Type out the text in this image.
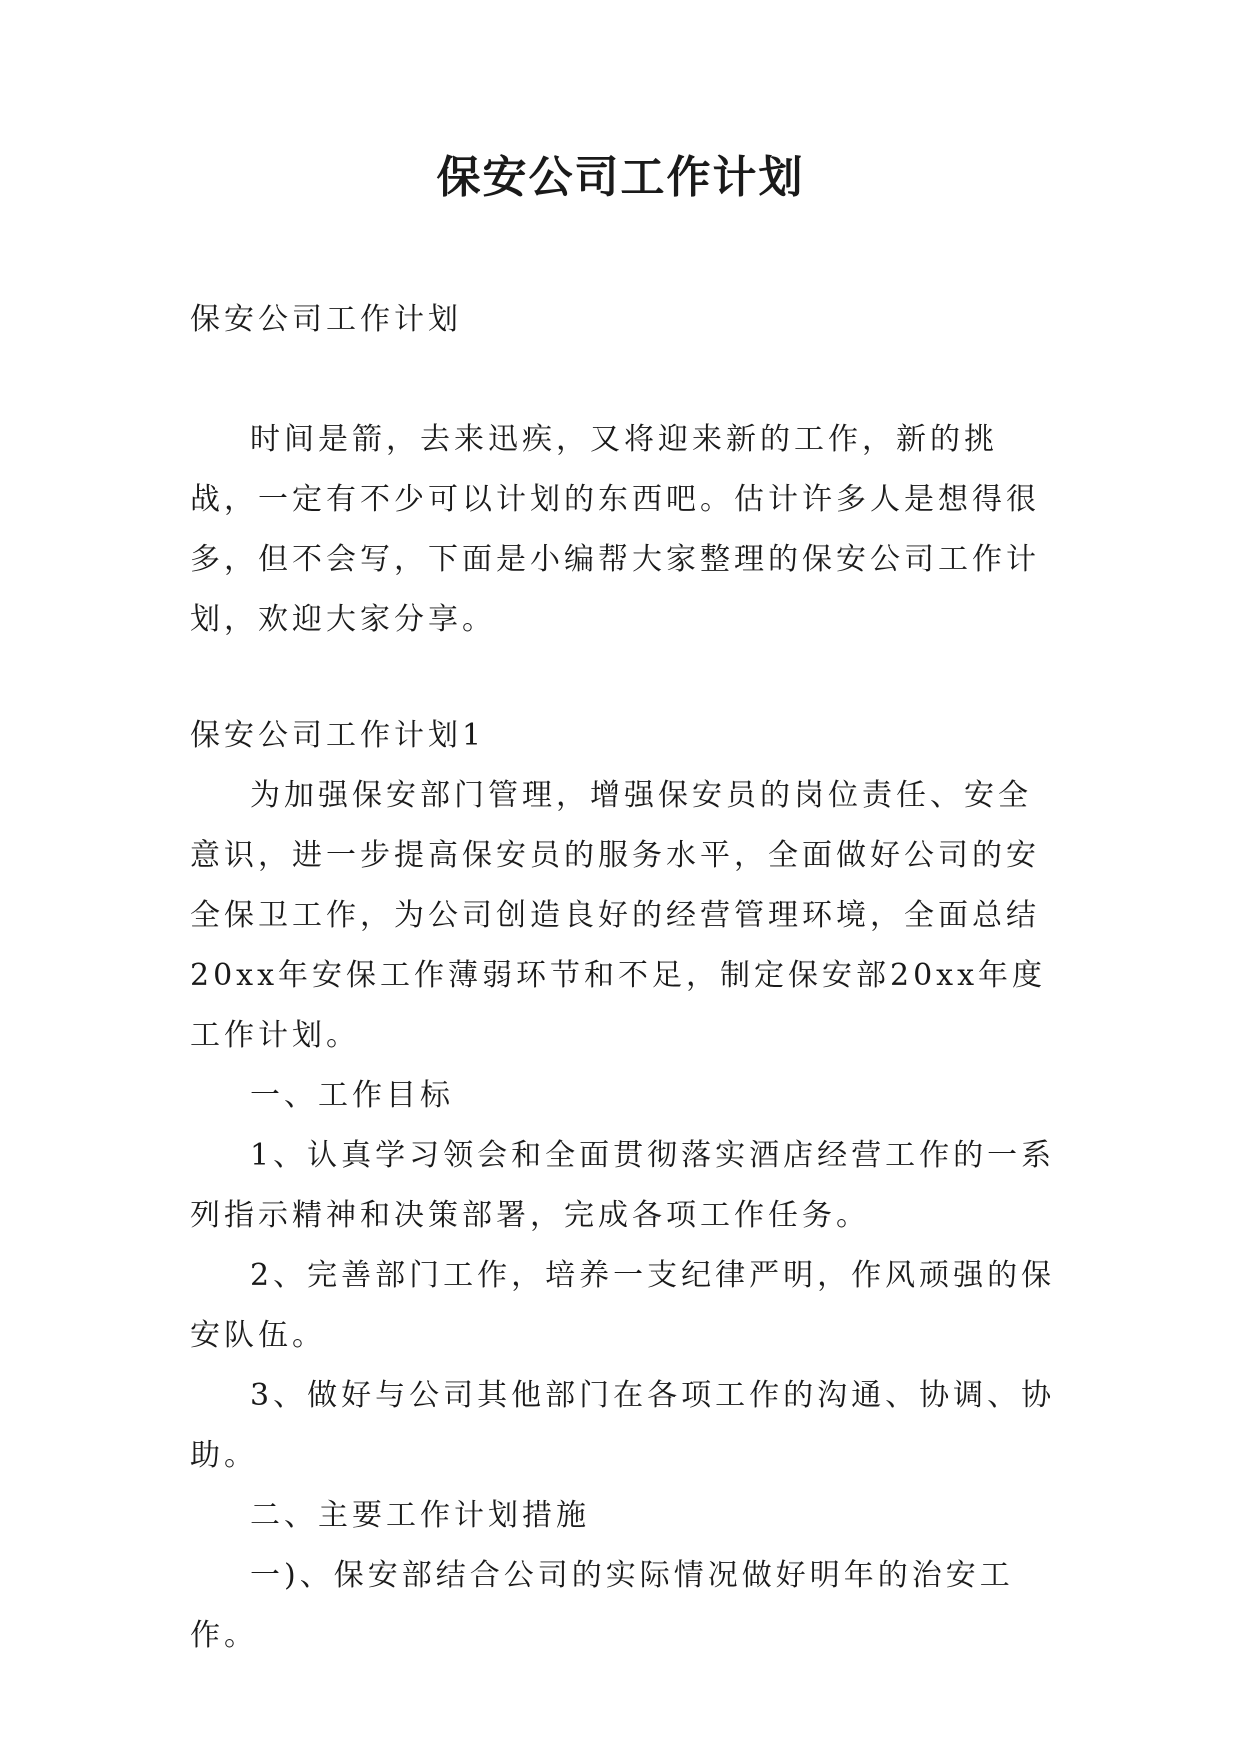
保安公司工作计划

保安公司工作计划

时间是箭，去来迅疾，又将迎来新的工作，新的挑战，一定有不少可以计划的东西吧。估计许多人是想得很多，但不会写，下面是小编帮大家整理的保安公司工作计划，欢迎大家分享。

保安公司工作计划1

为加强保安部门管理，增强保安员的岗位责任、安全意识，进一步提高保安员的服务水平，全面做好公司的安全保卫工作，为公司创造良好的经营管理环境，全面总结20xx年安保工作薄弱环节和不足，制定保安部20xx年度工作计划。

一、工作目标

1、认真学习领会和全面贯彻落实酒店经营工作的一系列指示精神和决策部署，完成各项工作任务。

2、完善部门工作，培养一支纪律严明，作风顽强的保安队伍。

3、做好与公司其他部门在各项工作的沟通、协调、协助。

二、主要工作计划措施

一)、保安部结合公司的实际情况做好明年的治安工作。
